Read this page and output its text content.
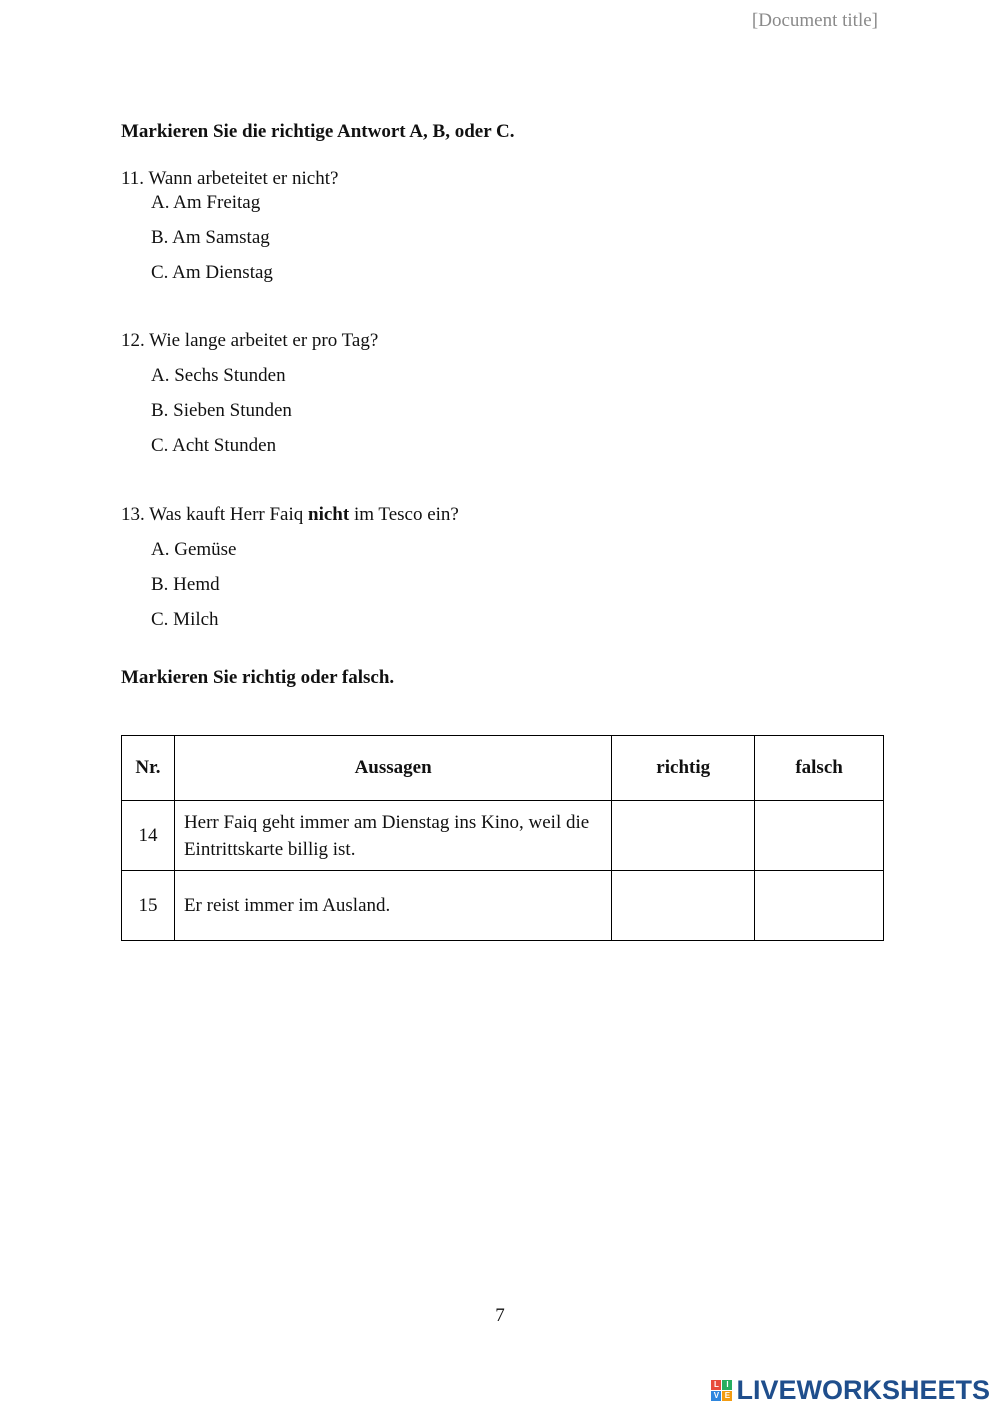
[Document title]
Markieren Sie die richtige Antwort A, B, oder C.
11. Wann arbeteitet er nicht?
A. Am Freitag
B. Am Samstag
C. Am Dienstag
12. Wie lange arbeitet er pro Tag?
A. Sechs Stunden
B. Sieben Stunden
C. Acht Stunden
13. Was kauft Herr Faiq nicht im Tesco ein?
A. Gemüse
B. Hemd
C. Milch
Markieren Sie richtig oder falsch.
Nr.	Aussagen	richtig	falsch
14	Herr Faiq geht immer am Dienstag ins Kino, weil die Eintrittskarte billig ist.		
15	Er reist immer im Ausland.		
7
L I
V E LIVEWORKSHEETS
